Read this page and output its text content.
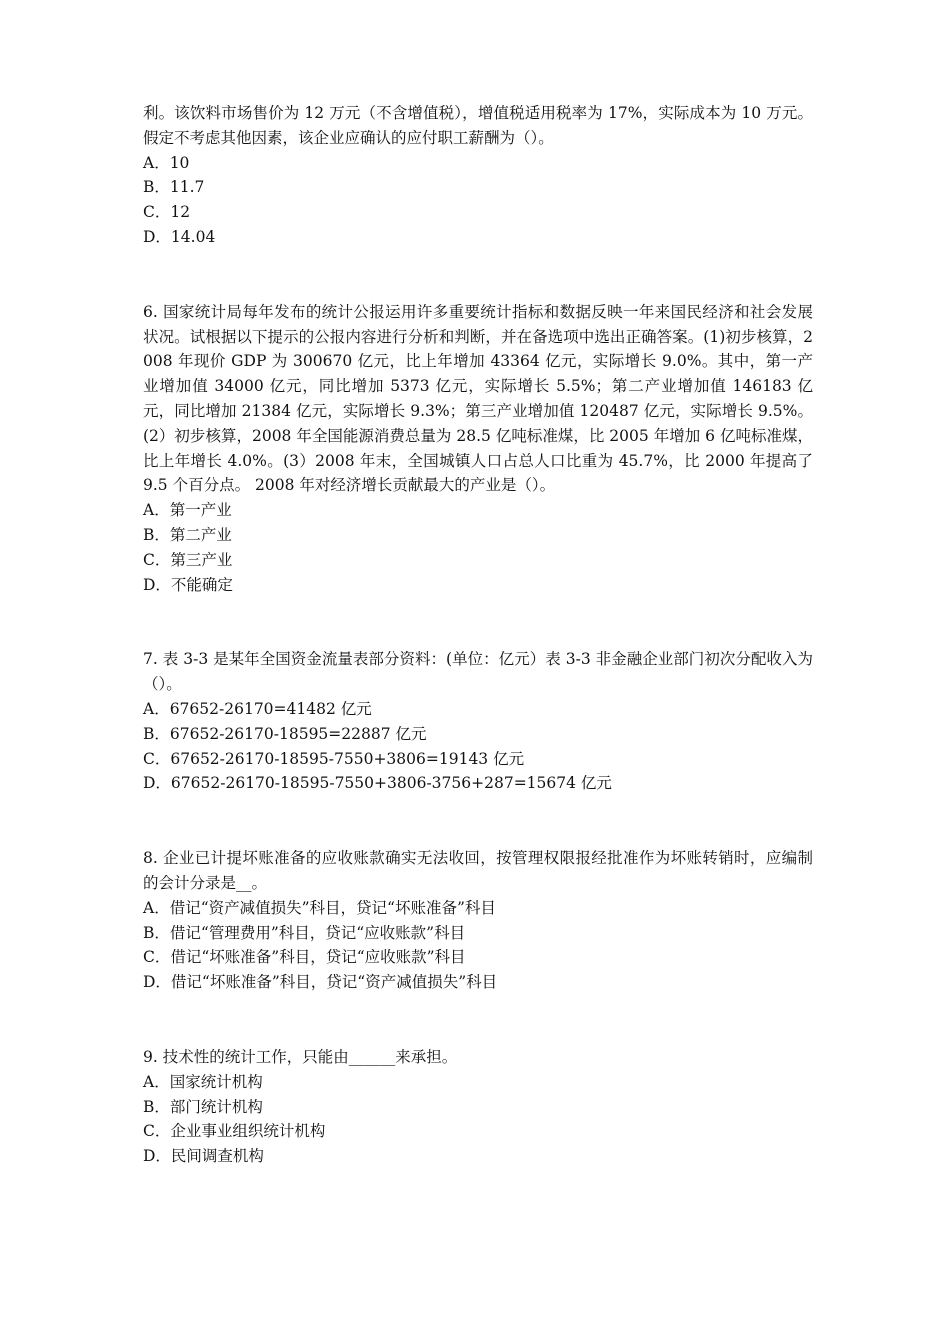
利。该饮料市场售价为 12 万元（不含增值税），增值税适用税率为 17%，实际成本为 10 万元。假定不考虑其他因素，该企业应确认的应付职工薪酬为（）。

A．10

B．11.7

C．12

D．14.04

6. 国家统计局每年发布的统计公报运用许多重要统计指标和数据反映一年来国民经济和社会发展状况。试根据以下提示的公报内容进行分析和判断，并在备选项中选出正确答案。(1)初步核算，2008 年现价 GDP 为 300670 亿元，比上年增加 43364 亿元，实际增长 9.0%。其中，第一产业增加值 34000 亿元，同比增加 5373 亿元，实际增长 5.5%；第二产业增加值 146183 亿元，同比增加 21384 亿元，实际增长 9.3%；第三产业增加值 120487 亿元，实际增长 9.5%。(2）初步核算，2008 年全国能源消费总量为 28.5 亿吨标准煤，比 2005 年增加 6 亿吨标准煤，比上年增长 4.0%。(3）2008 年末，全国城镇人口占总人口比重为 45.7%，比 2000 年提高了 9.5 个百分点。 2008 年对经济增长贡献最大的产业是（）。

A．第一产业

B．第二产业

C．第三产业

D．不能确定

7. 表 3-3 是某年全国资金流量表部分资料：(单位：亿元）表 3-3 非金融企业部门初次分配收入为（）。

A．67652-26170=41482 亿元

B．67652-26170-18595=22887 亿元

C．67652-26170-18595-7550+3806=19143 亿元

D．67652-26170-18595-7550+3806-3756+287=15674 亿元

8. 企业已计提坏账准备的应收账款确实无法收回，按管理权限报经批准作为坏账转销时，应编制的会计分录是__。

A．借记“资产减值损失”科目，贷记“坏账准备”科目

B．借记“管理费用”科目，贷记“应收账款”科目

C．借记“坏账准备”科目，贷记“应收账款”科目

D．借记“坏账准备”科目，贷记“资产减值损失”科目

9. 技术性的统计工作，只能由______来承担。

A．国家统计机构

B．部门统计机构

C．企业事业组织统计机构

D．民间调查机构
